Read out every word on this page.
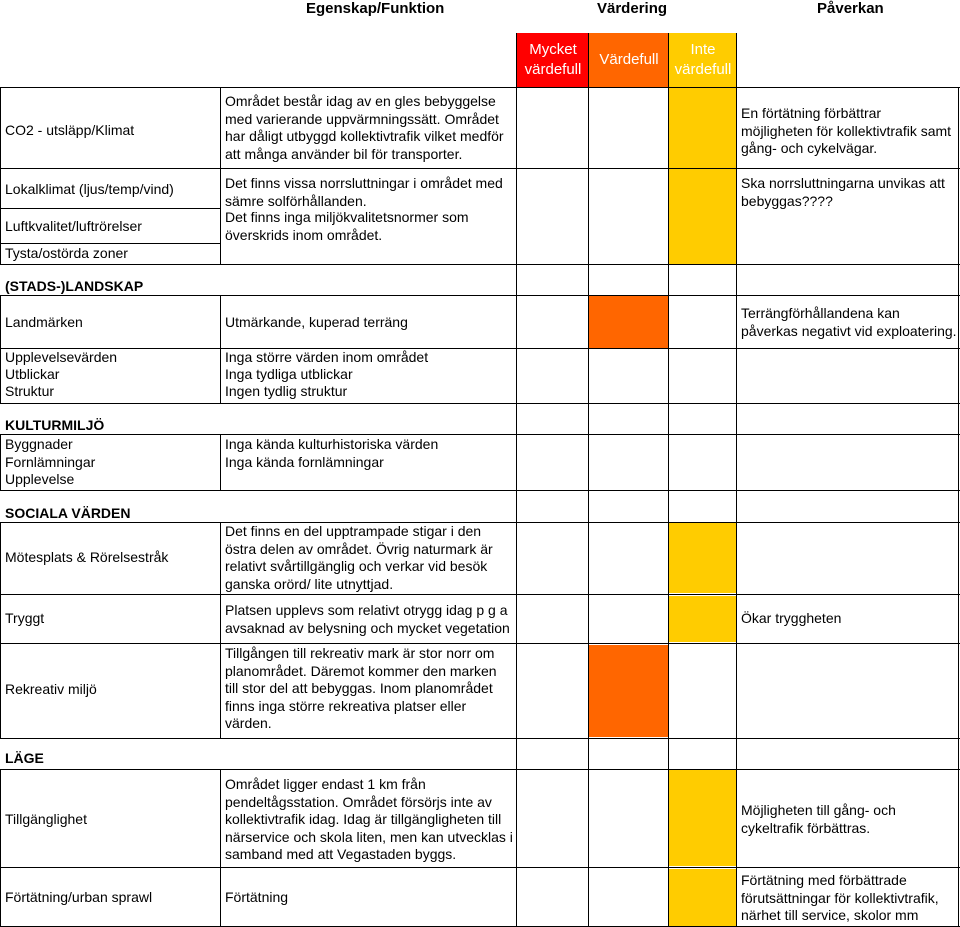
Egenskap/Funktion	Värdering	Påverkan
Mycket
värdefull
Värdefull
Inte
värdefull
CO2 - utsläpp/Klimat
Lokalklimat (ljus/temp/vind)
Luftkvalitet/luftrörelser
Tysta/ostörda zoner
(STADS-)LANDSKAP
Landmärken
Upplevelsevärden
Utblickar
Struktur
KULTURMILJÖ
Byggnader
Fornlämningar
Upplevelse
SOCIALA VÄRDEN
Mötesplats & Rörelsestråk
Tryggt
Rekreativ miljö
LÄGE
Tillgänglighet
Förtätning/urban sprawl
Området består idag av en gles bebyggelse
med varierande uppvärmningssätt. Området
har dåligt utbyggd kollektivtrafik vilket medför
att många använder bil för transporter.
Det finns vissa norrsluttningar i området med
sämre solförhållanden.
Det finns inga miljökvalitetsnormer som
överskrids inom området.
Utmärkande, kuperad terräng
Inga större värden inom området
Inga tydliga utblickar
Ingen tydlig struktur
Inga kända kulturhistoriska värden
Inga kända fornlämningar
Det finns en del upptrampade stigar i den
östra delen av området. Övrig naturmark är
relativt svårtillgänglig och verkar vid besök
ganska orörd/ lite utnyttjad.
Platsen upplevs som relativt otrygg idag p g a
avsaknad av belysning och mycket vegetation
Tillgången till rekreativ mark är stor norr om
planområdet. Däremot kommer den marken
till stor del att bebyggas. Inom planområdet
finns inga större rekreativa platser eller
värden.
Området ligger endast 1 km från
pendeltågsstation. Området försörjs inte av
kollektivtrafik idag. Idag är tillgängligheten till
närservice och skola liten, men kan utvecklas i
samband med att Vegastaden byggs.
Förtätning
En förtätning förbättrar
möjligheten för kollektivtrafik samt
gång- och cykelvägar.
Ska norrsluttningarna unvikas att
bebyggas????
Terrängförhållandena kan
påverkas negativt vid exploatering.
Ökar tryggheten
Möjligheten till gång- och
cykeltrafik förbättras.
Förtätning med förbättrade
förutsättningar för kollektivtrafik,
närhet till service, skolor mm
